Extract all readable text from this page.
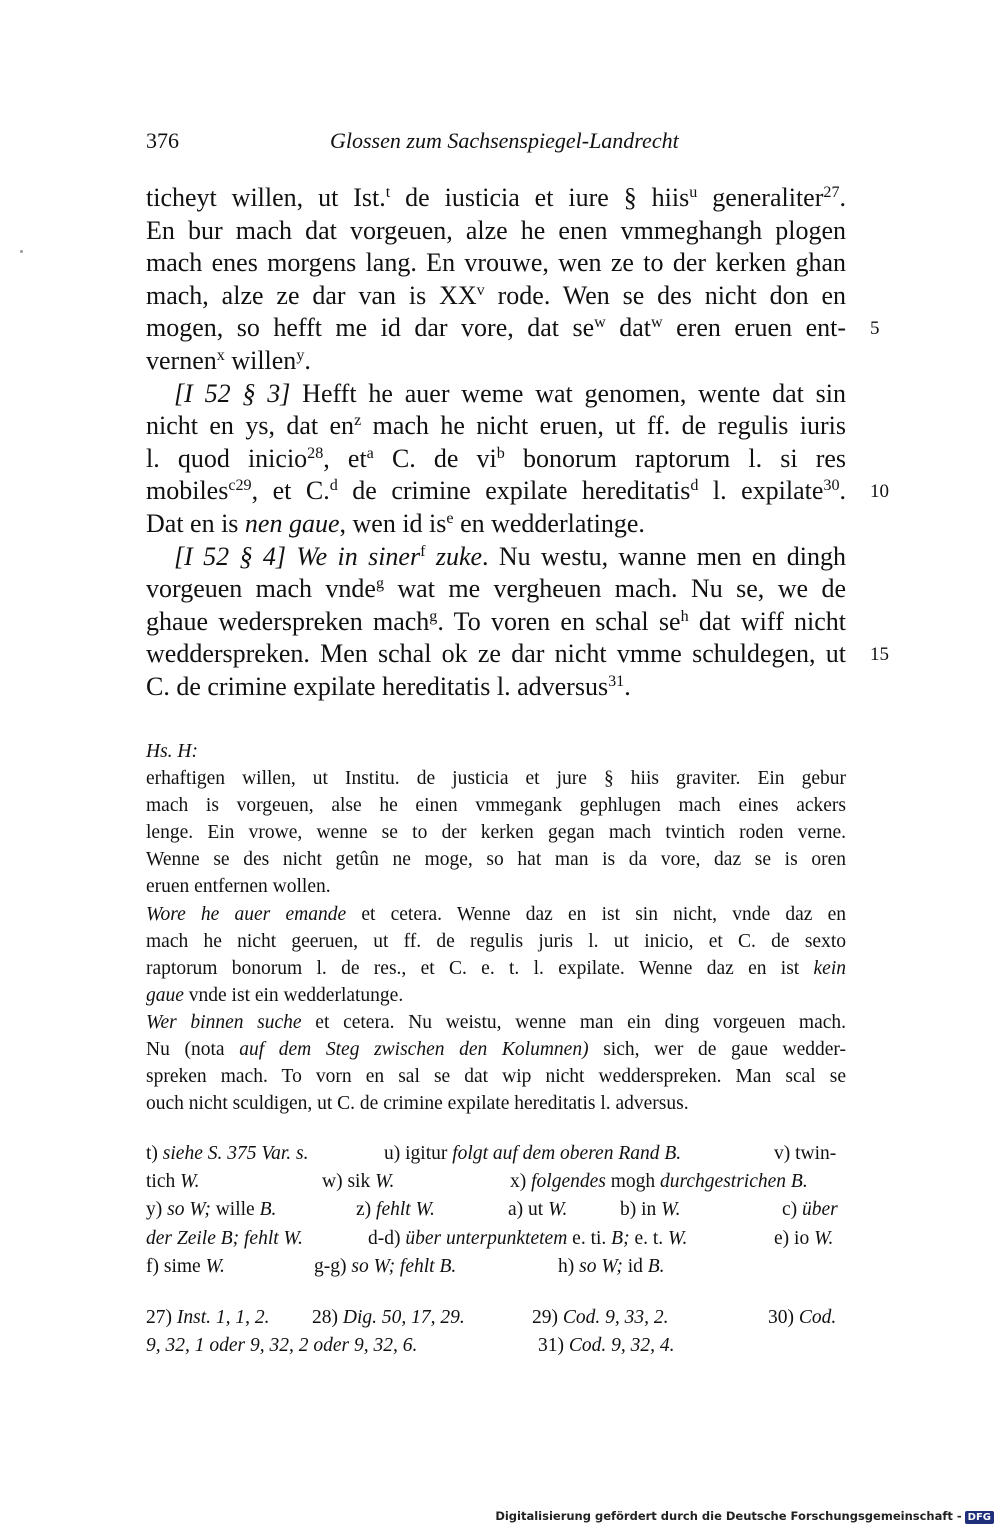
376	Glossen zum Sachsenspiegel-Landrecht
ticheyt willen, ut Ist.$^t$ de iusticia et iure § hiis$^u$ generaliter$^{27}$.
En bur mach dat vorgeuen, alze he enen vmmeghangh plogen
mach enes morgens lang. En vrouwe, wen ze to der kerken ghan
mach, alze ze dar van is $XX^v$ rode. Wen se des nicht don en
mogen, so hefft me id dar vore, dat $se^w$ dat$^w$ eren eruen ent- 5
vernen$^x$ willen$^y$.
[I 52 § 3] Hefft he auer weme wat genomen, wente dat sin
nicht en ys, dat $en^z$ mach he nicht eruen, ut ff. de regulis iuris
l. quod inicio$^{28}$, $et^a$ C. de $vi^b$ bonorum raptorum l. si res
mobiles$^{c29}$, et C.$^d$ de crimine expilate hereditatis$^d$ l. expilate$^{30}$. 10
Dat en is nen gaue, wen id $is^e$ en wedderlatinge.
[I 52 § 4] We in siner$^f$ zuke. Nu westu, wanne men en dingh
vorgeuen mach vnde$^g$ wat me vergheuen mach. Nu se, we de
ghaue wederspreken mach$^g$. To voren en schal $se^h$ dat wiff nicht
wedderspreken. Men schal ok ze dar nicht vmme schuldegen, ut 15
C. de crimine expilate hereditatis l. adversus$^{31}$.
Hs. H:
erhaftigen willen, ut Institu. de justicia et jure § hiis graviter. Ein gebur
mach is vorgeuen, alse he einen vmmegank gephlugen mach eines ackers
lenge. Ein vrowe, wenne se to der kerken gegan mach tvintich roden verne.
Wenne se des nicht getûn ne moge, so hat man is da vore, daz se is oren
eruen entfernen wollen.
Wore he auer emande et cetera. Wenne daz en ist sin nicht, vnde daz en
mach he nicht geeruen, ut ff. de regulis juris l. ut inicio, et C. de sexto
raptorum bonorum l. de res., et C. e. t. l. expilate. Wenne daz en ist kein
gaue vnde ist ein wedderlatunge.
Wer binnen suche et cetera. Nu weistu, wenne man ein ding vorgeuen mach.
Nu (nota auf dem Steg zwischen den Kolumnen) sich, wer de gaue wedder-
spreken mach. To vorn en sal se dat wip nicht wedderspreken. Man scal se
ouch nicht sculdigen, ut C. de crimine expilate hereditatis l. adversus.
t) siehe S. 375 Var. s.	u) igitur folgt auf dem oberen Rand B.	v) twin-
tich W.	w) sik W.	x) folgendes mogh durchgestrichen B.
y) so W; wille B.	z) fehlt W.	a) ut W.	b) in W.	c) über
der Zeile B; fehlt W.	d-d) über unterpunktetem e. ti. B; e. t. W.	e) io W.
f) sime W.	g-g) so W; fehlt B.	h) so W; id B.
27) Inst. 1, 1, 2. 28) Dig. 50, 17, 29.	29) Cod. 9, 33, 2.	30) Cod.
9, 32, 1 oder 9, 32, 2 oder 9, 32, 6.	31) Cod. 9, 32, 4.
Digitalisierung gefördert durch die Deutsche Forschungsgemeinschaft - DFG
